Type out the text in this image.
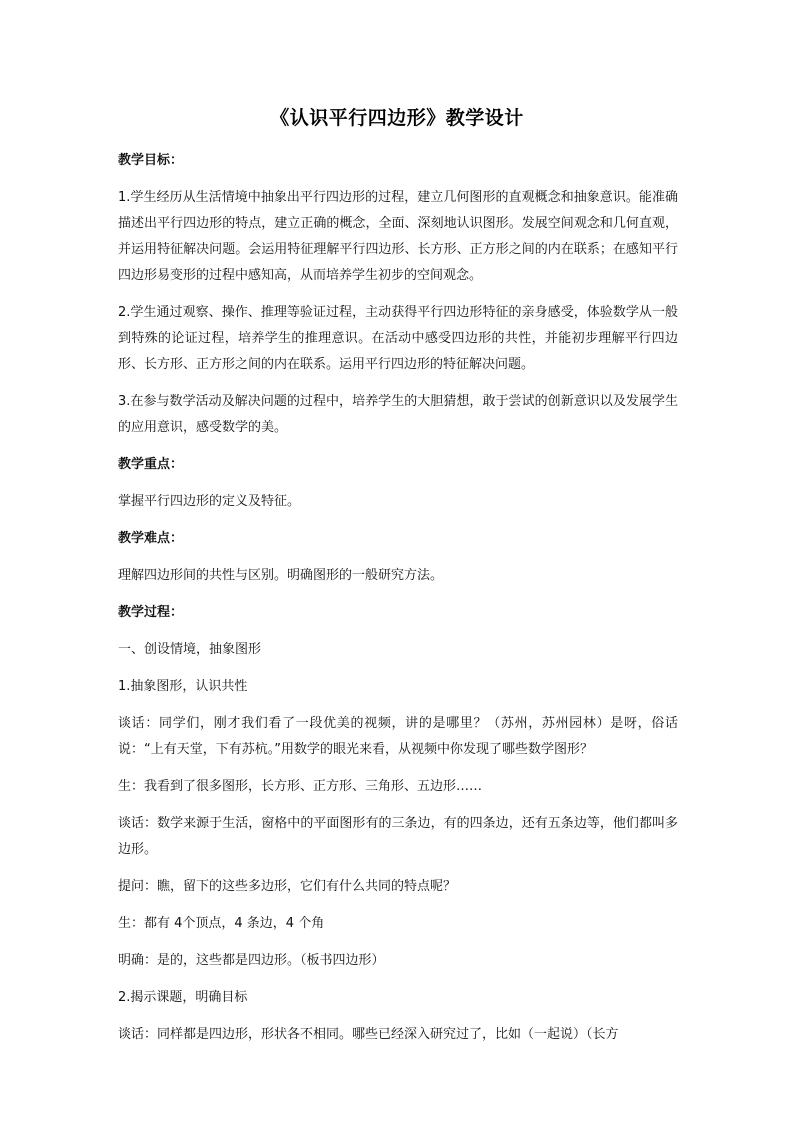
《认识平行四边形》教学设计

教学目标：

1.学生经历从生活情境中抽象出平行四边形的过程，建立几何图形的直观概念和抽象意识。能准确描述出平行四边形的特点，建立正确的概念，全面、深刻地认识图形。发展空间观念和几何直观，并运用特征解决问题。会运用特征理解平行四边形、长方形、正方形之间的内在联系；在感知平行四边形易变形的过程中感知高，从而培养学生初步的空间观念。

2.学生通过观察、操作、推理等验证过程，主动获得平行四边形特征的亲身感受，体验数学从一般到特殊的论证过程，培养学生的推理意识。在活动中感受四边形的共性，并能初步理解平行四边形、长方形、正方形之间的内在联系。运用平行四边形的特征解决问题。

3.在参与数学活动及解决问题的过程中，培养学生的大胆猜想，敢于尝试的创新意识以及发展学生的应用意识，感受数学的美。

教学重点：

掌握平行四边形的定义及特征。

教学难点：

理解四边形间的共性与区别。明确图形的一般研究方法。

教学过程：

一、创设情境，抽象图形

1.抽象图形，认识共性

谈话：同学们，刚才我们看了一段优美的视频，讲的是哪里？（苏州，苏州园林）是呀，俗话说：“上有天堂，下有苏杭。”用数学的眼光来看，从视频中你发现了哪些数学图形？

生：我看到了很多图形，长方形、正方形、三角形、五边形……

谈话：数学来源于生活，窗格中的平面图形有的三条边，有的四条边，还有五条边等，他们都叫多边形。

提问：瞧，留下的这些多边形，它们有什么共同的特点呢？

生：都有 4个顶点，4 条边，4 个角

明确：是的，这些都是四边形。（板书四边形）

2.揭示课题，明确目标

谈话：同样都是四边形，形状各不相同。哪些已经深入研究过了，比如（一起说）（长方
